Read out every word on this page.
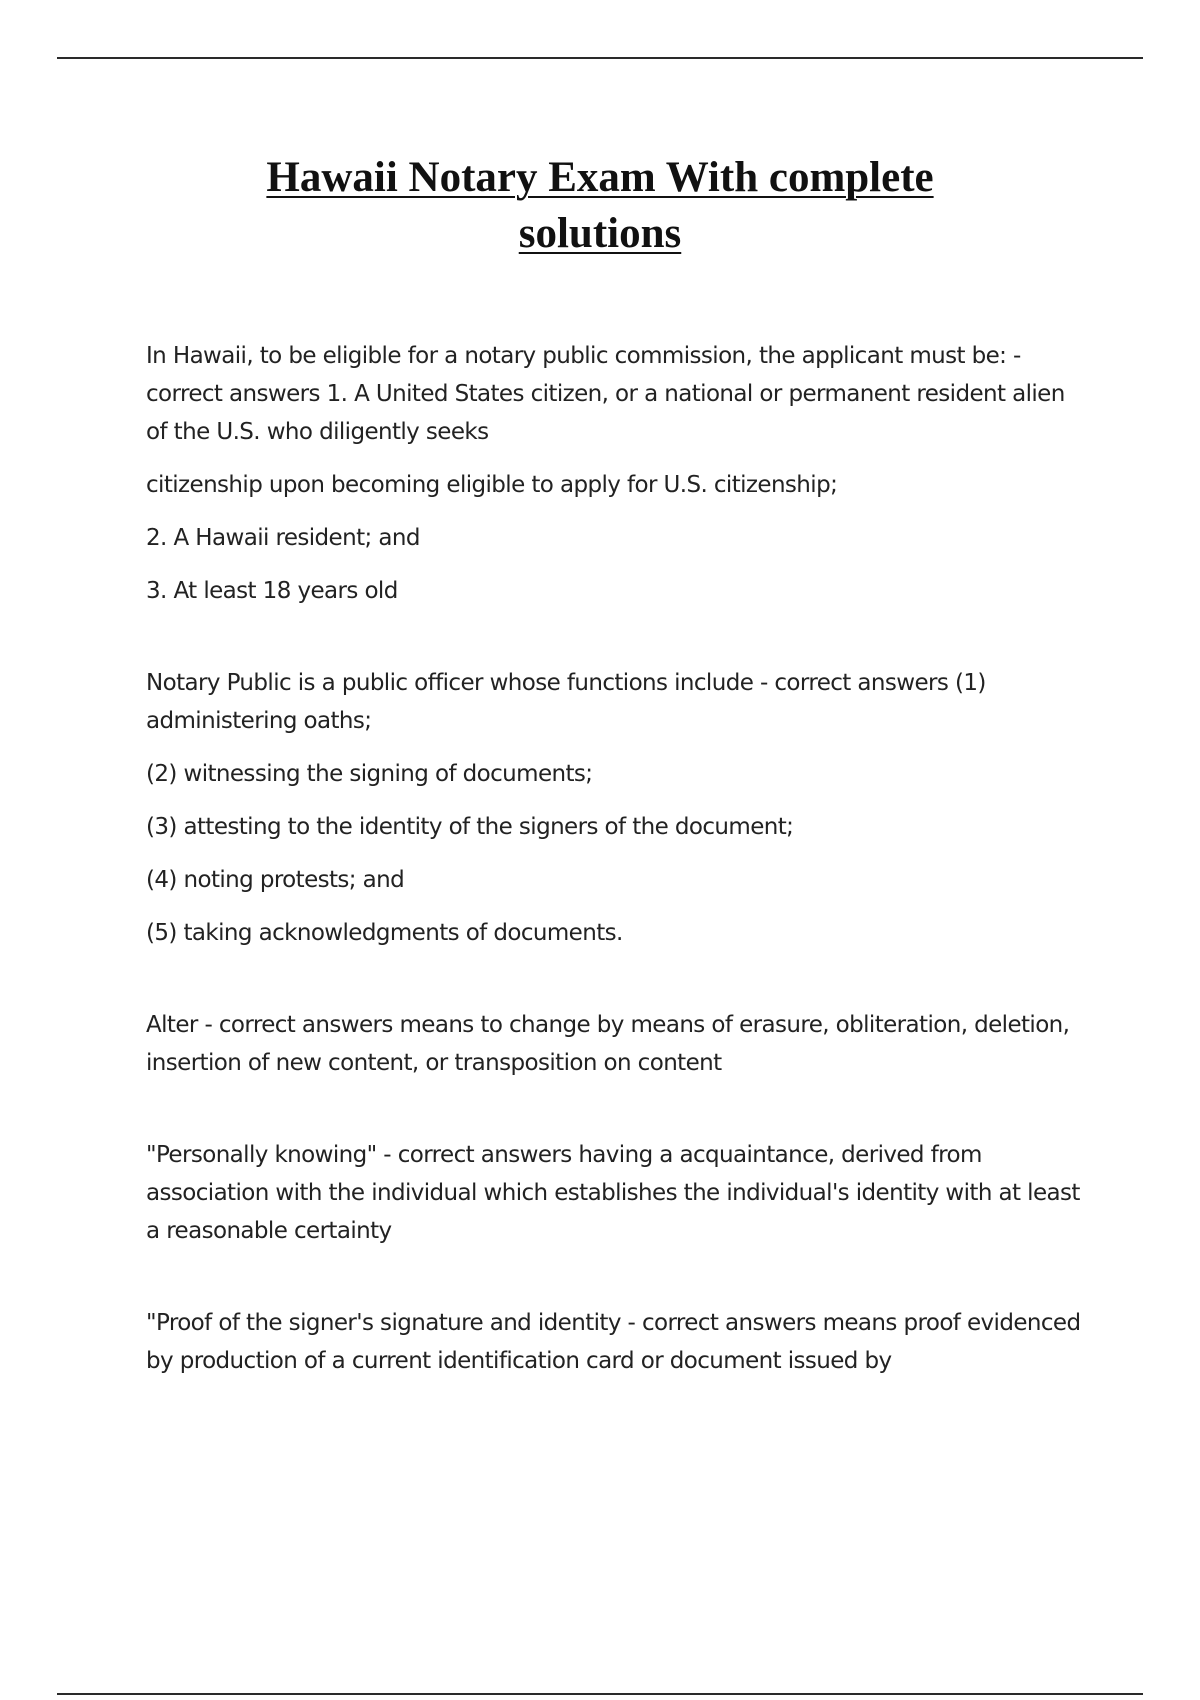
Hawaii Notary Exam With complete
solutions

In Hawaii, to be eligible for a notary public commission, the applicant must be: - correct answers 1. A United States citizen, or a national or permanent resident alien of the U.S. who diligently seeks

citizenship upon becoming eligible to apply for U.S. citizenship;

2. A Hawaii resident; and

3. At least 18 years old

Notary Public is a public officer whose functions include - correct answers (1) administering oaths;

(2) witnessing the signing of documents;

(3) attesting to the identity of the signers of the document;

(4) noting protests; and

(5) taking acknowledgments of documents.

Alter - correct answers means to change by means of erasure, obliteration, deletion, insertion of new content, or transposition on content

"Personally knowing" - correct answers having a acquaintance, derived from association with the individual which establishes the individual's identity with at least a reasonable certainty

"Proof of the signer's signature and identity - correct answers means proof evidenced by production of a current identification card or document issued by
